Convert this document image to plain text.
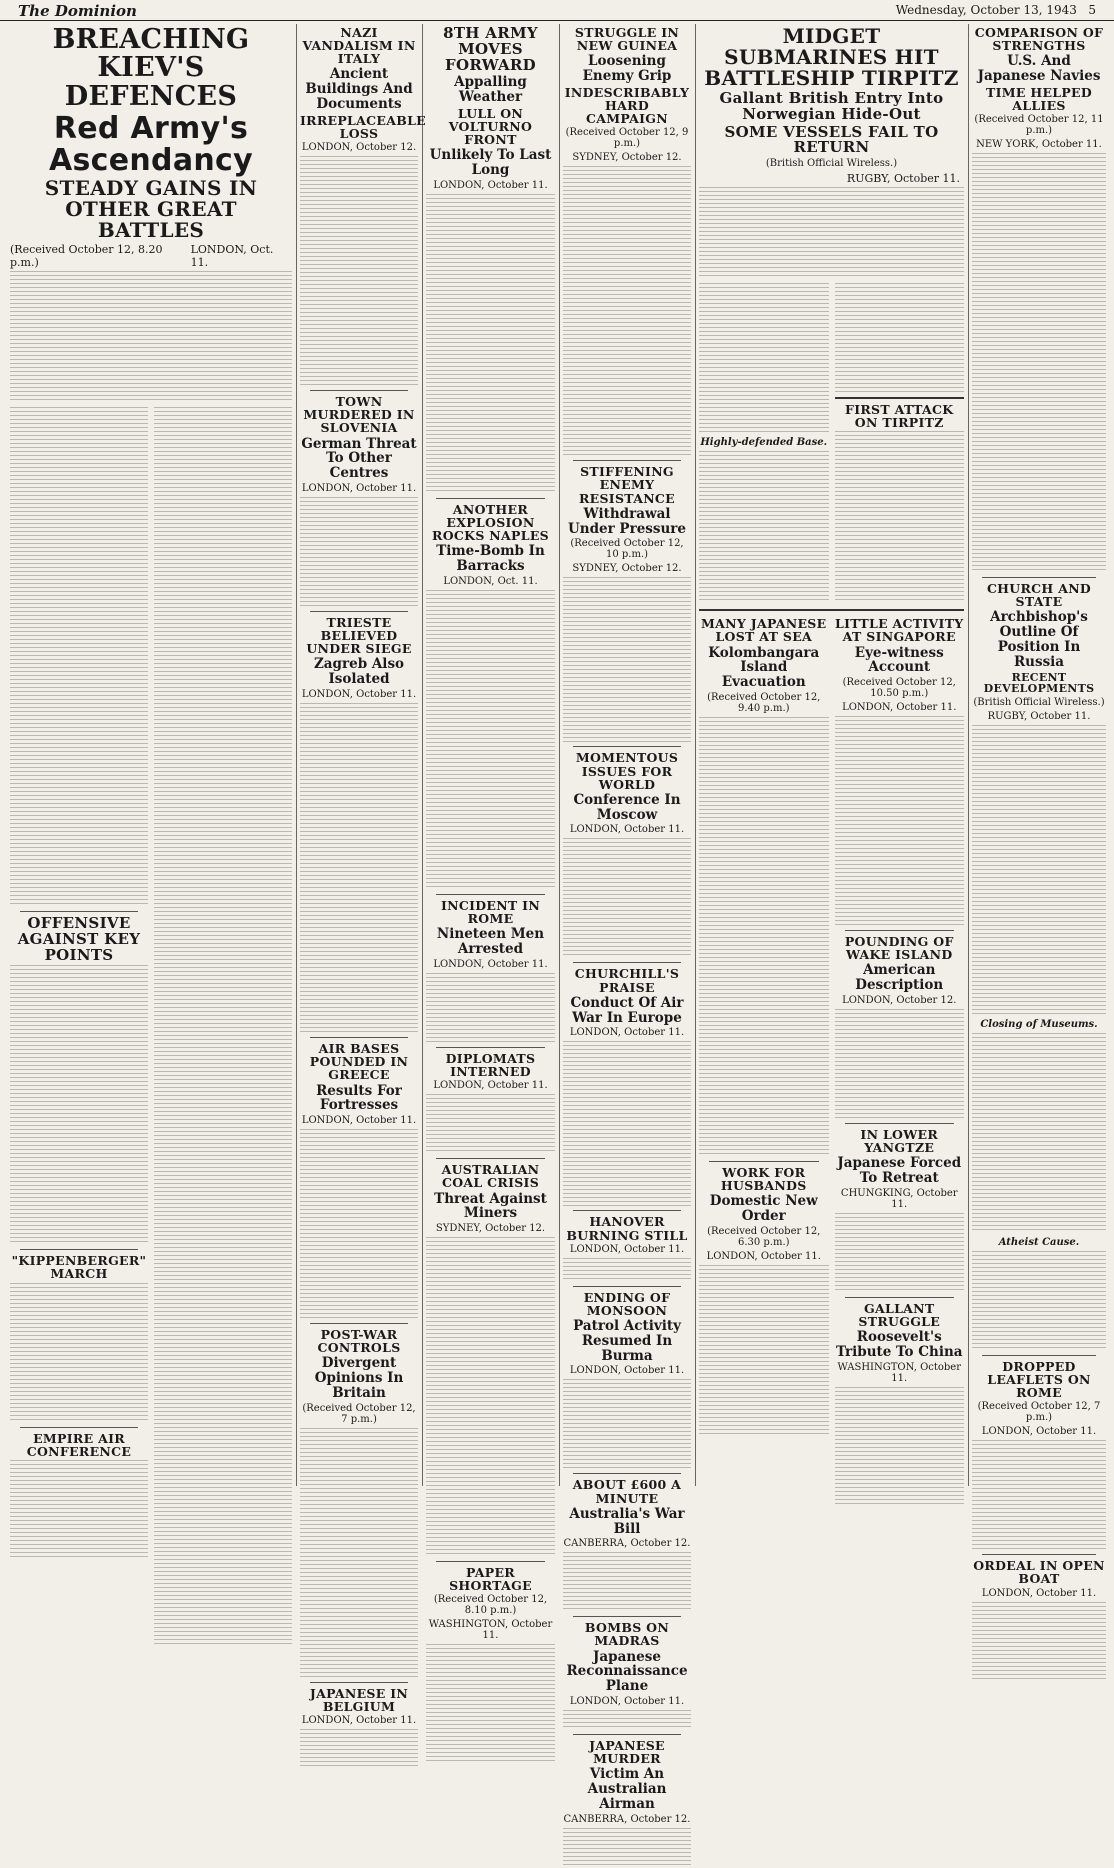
The Dominion	Wednesday, October 13, 1943 5
BREACHING KIEV'S DEFENCES
Red Army's Ascendancy
STEADY GAINS IN OTHER GREAT BATTLES
(Received October 12, 8.20 p.m.)
LONDON, Oct. 11.
OFFENSIVE AGAINST KEY POINTS
"KIPPENBERGER" MARCH
EMPIRE AIR CONFERENCE
NAZI VANDALISM IN ITALY
Ancient Buildings And Documents
IRREPLACEABLE LOSS
LONDON, October 12.
TOWN MURDERED IN SLOVENIA
German Threat To Other Centres
LONDON, October 11.
TRIESTE BELIEVED UNDER SIEGE
Zagreb Also Isolated
LONDON, October 11.
AIR BASES POUNDED IN GREECE
Results For Fortresses
LONDON, October 11.
POST-WAR CONTROLS
Divergent Opinions In Britain
(Received October 12, 7 p.m.)
JAPANESE IN BELGIUM
LONDON, October 11.
8TH ARMY MOVES FORWARD
Appalling Weather
LULL ON VOLTURNO FRONT
Unlikely To Last Long
LONDON, October 11.
ANOTHER EXPLOSION ROCKS NAPLES
Time-Bomb In Barracks
LONDON, Oct. 11.
INCIDENT IN ROME
Nineteen Men Arrested
LONDON, October 11.
DIPLOMATS INTERNED
LONDON, October 11.
AUSTRALIAN COAL CRISIS
Threat Against Miners
SYDNEY, October 12.
PAPER SHORTAGE
(Received October 12, 8.10 p.m.)
WASHINGTON, October 11.
STRUGGLE IN NEW GUINEA
Loosening Enemy Grip
INDESCRIBABLY HARD CAMPAIGN
(Received October 12, 9 p.m.)
SYDNEY, October 12.
STIFFENING ENEMY RESISTANCE
Withdrawal Under Pressure
(Received October 12, 10 p.m.)
SYDNEY, October 12.
MOMENTOUS ISSUES FOR WORLD
Conference In Moscow
LONDON, October 11.
CHURCHILL'S PRAISE
Conduct Of Air War In Europe
LONDON, October 11.
HANOVER BURNING STILL
LONDON, October 11.
ENDING OF MONSOON
Patrol Activity Resumed In Burma
LONDON, October 11.
ABOUT £600 A MINUTE
Australia's War Bill
CANBERRA, October 12.
BOMBS ON MADRAS
Japanese Reconnaissance Plane
LONDON, October 11.
JAPANESE MURDER
Victim An Australian Airman
CANBERRA, October 12.
MIDGET SUBMARINES HIT BATTLESHIP TIRPITZ
Gallant British Entry Into Norwegian Hide-Out
SOME VESSELS FAIL TO RETURN
(British Official Wireless.)
RUGBY, October 11.
Highly-defended Base.
FIRST ATTACK ON TIRPITZ
MANY JAPANESE LOST AT SEA
Kolombangara Island Evacuation
(Received October 12, 9.40 p.m.)
WORK FOR HUSBANDS
Domestic New Order
(Received October 12, 6.30 p.m.)
LONDON, October 11.
LITTLE ACTIVITY AT SINGAPORE
Eye-witness Account
(Received October 12, 10.50 p.m.)
LONDON, October 11.
POUNDING OF WAKE ISLAND
American Description
LONDON, October 12.
IN LOWER YANGTZE
Japanese Forced To Retreat
CHUNGKING, October 11.
GALLANT STRUGGLE
Roosevelt's Tribute To China
WASHINGTON, October 11.
COMPARISON OF STRENGTHS
U.S. And Japanese Navies
TIME HELPED ALLIES
(Received October 12, 11 p.m.)
NEW YORK, October 11.
CHURCH AND STATE
Archbishop's Outline Of Position In Russia
RECENT DEVELOPMENTS
(British Official Wireless.)
RUGBY, October 11.
Closing of Museums.
Atheist Cause.
DROPPED LEAFLETS ON ROME
(Received October 12, 7 p.m.)
LONDON, October 11.
ORDEAL IN OPEN BOAT
LONDON, October 11.
